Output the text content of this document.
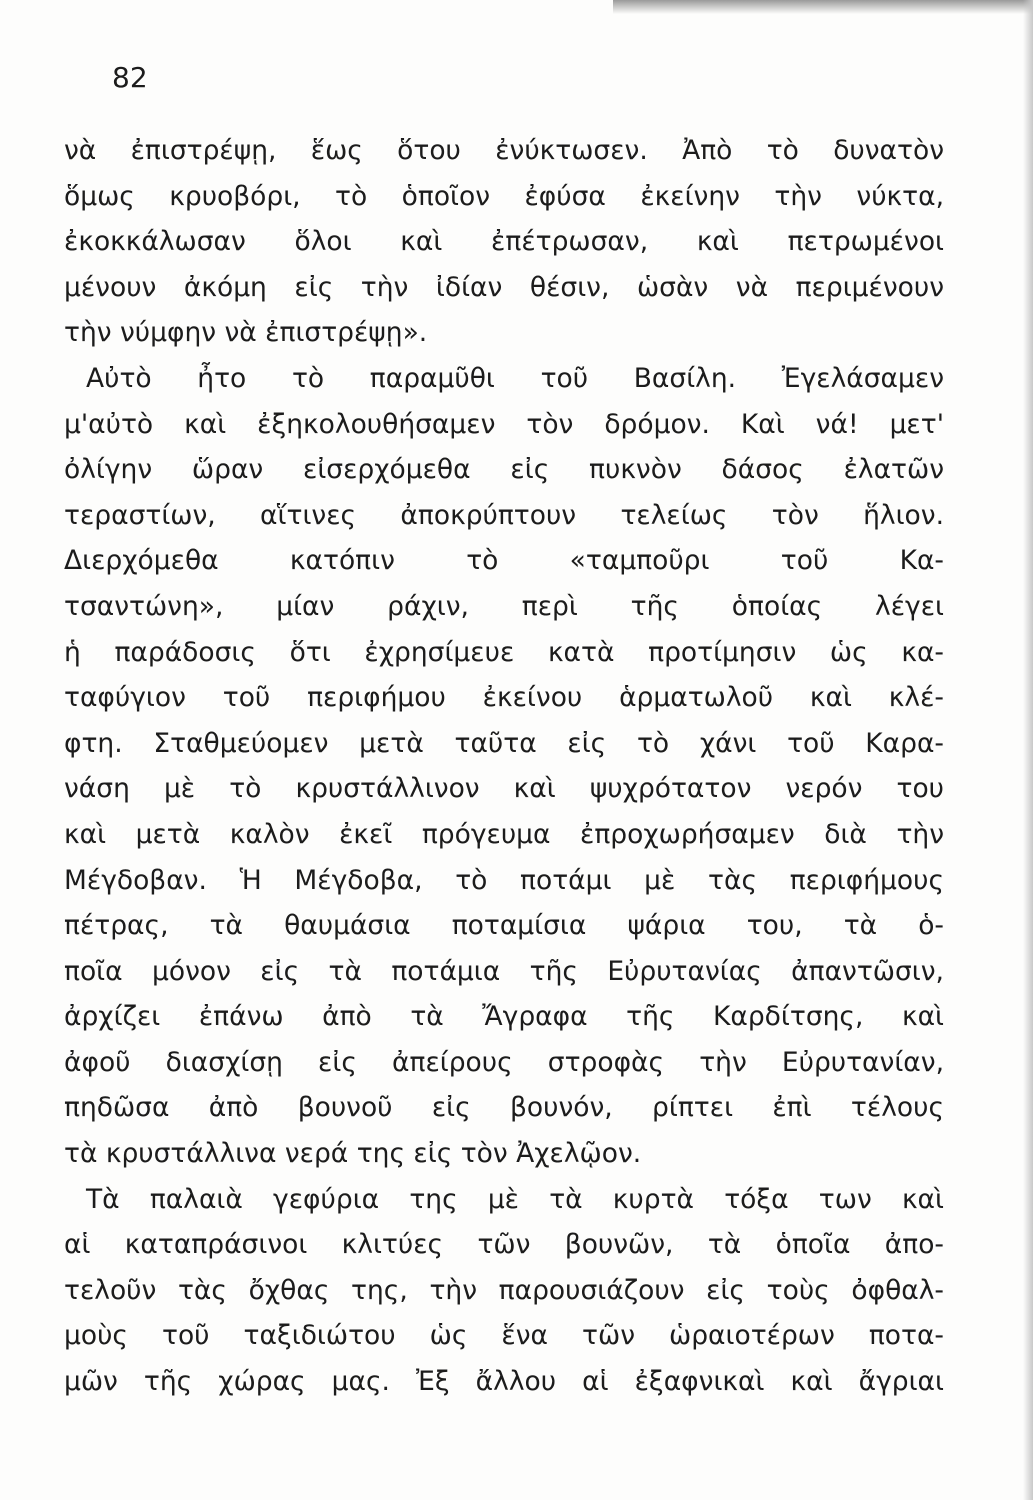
82
νὰ ἐπιστρέψῃ, ἕως ὅτου ἐνύκτωσεν. Ἀπὸ τὸ δυνατὸν
ὅμως κρυοβόρι, τὸ ὁποῖον ἐφύσα ἐκείνην τὴν νύκτα,
ἐκοκκάλωσαν ὅλοι καὶ ἐπέτρωσαν, καὶ πετρωμένοι
μένουν ἀκόμη εἰς τὴν ἰδίαν θέσιν, ὡσὰν νὰ περιμένουν
τὴν νύμφην νὰ ἐπιστρέψῃ».
Αὐτὸ ἦτο τὸ παραμῦθι τοῦ Βασίλη. Ἐγελάσαμεν
μ'αὐτὸ καὶ ἐξηκολουθήσαμεν τὸν δρόμον. Καὶ νά! μετ'
ὀλίγην ὥραν εἰσερχόμεθα εἰς πυκνὸν δάσος ἐλατῶν
τεραστίων, αἵτινες ἀποκρύπτουν τελείως τὸν ἥλιον.
Διερχόμεθα κατόπιν τὸ «ταμποῦρι τοῦ Κα-
τσαντώνη», μίαν ράχιν, περὶ τῆς ὁποίας λέγει
ἡ παράδοσις ὅτι ἐχρησίμευε κατὰ προτίμησιν ὡς κα-
ταφύγιον τοῦ περιφήμου ἐκείνου ἁρματωλοῦ καὶ κλέ-
φτη. Σταθμεύομεν μετὰ ταῦτα εἰς τὸ χάνι τοῦ Καρα-
νάση μὲ τὸ κρυστάλλινον καὶ ψυχρότατον νερόν του
καὶ μετὰ καλὸν ἐκεῖ πρόγευμα ἐπροχωρήσαμεν διὰ τὴν
Μέγδοβαν. Ἡ Μέγδοβα, τὸ ποτάμι μὲ τὰς περιφήμους
πέτρας, τὰ θαυμάσια ποταμίσια ψάρια του, τὰ ὁ-
ποῖα μόνον εἰς τὰ ποτάμια τῆς Εὐρυτανίας ἀπαντῶσιν,
ἀρχίζει ἐπάνω ἀπὸ τὰ Ἄγραφα τῆς Καρδίτσης, καὶ
ἀφοῦ διασχίσῃ εἰς ἀπείρους στροφὰς τὴν Εὐρυτανίαν,
πηδῶσα ἀπὸ βουνοῦ εἰς βουνόν, ρίπτει ἐπὶ τέλους
τὰ κρυστάλλινα νερά της εἰς τὸν Ἀχελῷον.
Τὰ παλαιὰ γεφύρια της μὲ τὰ κυρτὰ τόξα των καὶ
αἱ καταπράσινοι κλιτύες τῶν βουνῶν, τὰ ὁποῖα ἀπο-
τελοῦν τὰς ὄχθας της, τὴν παρουσιάζουν εἰς τοὺς ὀφθαλ-
μοὺς τοῦ ταξιδιώτου ὡς ἕνα τῶν ὡραιοτέρων ποτα-
μῶν τῆς χώρας μας. Ἐξ ἄλλου αἱ ἐξαφνικαὶ καὶ ἄγριαι
